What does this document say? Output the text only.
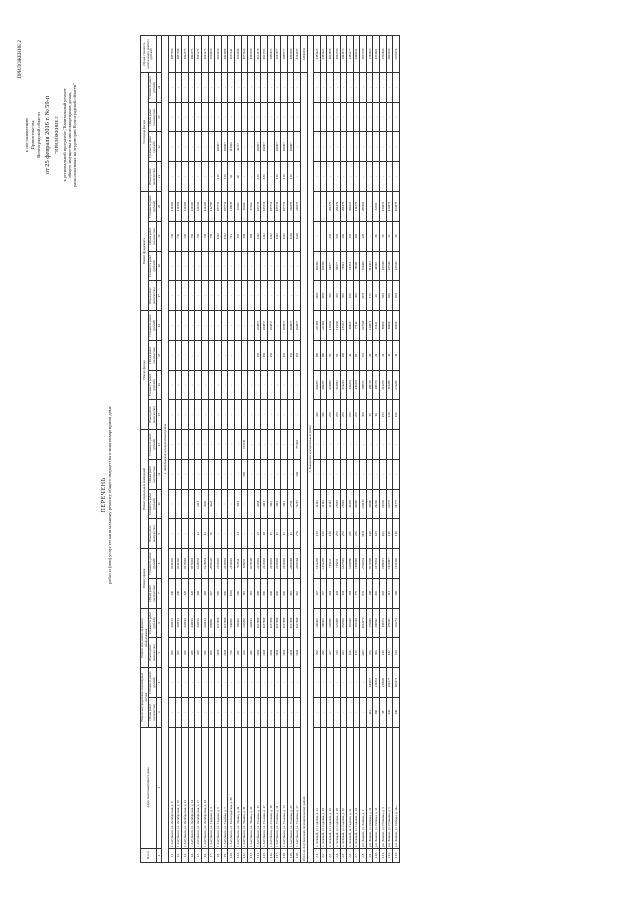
ПРИЛОЖЕНИЕ 2
к постановлению Правительства Волгоградской области от 25 февраля 2016 г. № 59-п "ПРИЛОЖЕНИЕ 2 к региональной программе "Капитальный ремонт общего имущества в многоквартирных домах, расположенных на территории Волгоградской области"
ПЕРЕЧЕНЬ работ и (или) услуг по капитальному ремонту общего имущества в многоквартирном доме
№ п/п	Адрес многоквартирного дома	Ремонт внутридомовых инженерных систем		Ремонт или замена лифтового оборудования		Ремонт крыши		Ремонт подвальных помещений				Ремонт фасада				Ремонт фундамента				Утепление фасада				Общая стоимость капитального ремонта (рублей)
		Объем работ (количество)	Стоимость работ (рублей)	Объем работ (количество)	Стоимость работ (рублей)	Объем работ (количество)	Стоимость работ (рублей)	Объем работ (количество)	Стоимость работ (рублей)	Объем работ (количество)	Стоимость работ (рублей)	Объем работ (количество)	Стоимость работ (рублей)	Объем работ (количество)	Стоимость работ (рублей)	Объем работ (количество)	Стоимость работ (рублей)	Объем работ (количество)	Стоимость работ (рублей)	Объем работ (количество)	Стоимость работ (рублей)	Объем работ (количество)	Стоимость работ (рублей)	
1	2	3	4	5	6	7	8	9	10	11	12	13	14	15	16	17	18	19	20	21	22	23	24	
1. Ахтубинский муниципальный район																								
1.1.	г. Ахтубинск, ул. Октябрьская, д. 8	-	-	430	443194	240	1046342	-	-	-	-	-	-	-	-	-	-	730	121660	-	-	-	-	1687369
1.2.	г. Ахтубинск, ул. Октябрьская, д. 10	-	-	430	443194	240	1046342	-	-	-	-	-	-	-	-	-	-	730	121660	-	-	-	-	1687369
1.3.	г. Ахтубинск, ул. Октябрьская, д. 12	-	-	430	443194	428	1076094	-	-	-	-	-	-	-	-	-	-	730	121660	-	-	-	-	1822375
1.4.	г. Ахтубинск, ул. Октябрьская, д. 14	-	-	430	443194	428	1076094	-	-	-	-	-	-	-	-	-	-	730	121660	-	-	-	-	1822375
1.5.	г. Ахтубинск, ул. Октябрьская, д. 17	-	-	430	443194	468	1228054	15	2113	-	-	-	-	-	-	-	-	730	121660	-	-	-	-	1915275
1.6.	г. Ахтубинск, ул. Октябрьская, д. 18	-	-	430	443194	468	1228054	12	2669	-	-	-	-	-	-	-	-	730	121660	-	-	-	-	1915275
1.7.	г. Ахтубинск, ул. Садовая, д. 3	-	-	820	869991	667	2095020	30	4223	-	-	-	-	-	-	-	-	730	112780	-	-	-	-	3228416
1.8.	г. Ахтубинск, ул. Садовая, д. 5	-	-	1100	1137489	800	2215963	-	-	-	-	-	-	-	-	-	-	1112	185731	130	166807	-	-	3626016
1.9.	г. Ахтубинск, ул. Садовая, д. 7	-	-	1100	1137489	800	2215963	-	-	-	-	-	-	-	-	-	-	1112	185731	130	166807	-	-	4063088
1.10.	г. Ахтубинск, ул. Волгоградская, д. 86	-	-	720	846600	1030	2156093	-	-	-	-	-	-	-	-	-	-	712	118938	64	113006	-	-	3655611
1.11.	г. Ахтубинск, ул. Ленина, д. 41	-	-	280	306000	296	707954	33	3519	-	-	-	-	-	-	-	-	250	31643	40	46727	-	-	1226048
1.12.	г. Ахтубинск, ул. Ленина, д. 43	-	-	220	247200	310	826055	-	-	680	533330	-	-	-	-	-	-	398	66444	-	-	-	-	1673324
1.13.	г. Ахтубинск, ул. Ленина, д. 45	-	-	430	443194	310	1070048	-	-	-	-	-	-	-	-	-	-	398	37264	-	-	-	-	1582209
1.14.	г. Ахтубинск, ул. Сталина, д. 15	-	-	1100	1137489	800	2215963	22	4308	-	-	-	-	150	204857	-	-	1112	185731	130	166807	-	-	4123179
1.15.	г. Ахтубинск, ул. Сталина, д. 17	-	-	1100	1137489	800	2215963	19	4111	-	-	-	-	150	204857	-	-	1112	185731	130	166807	-	-	4163765
1.16.	г. Ахтубинск, ул. Сталина, д. 19	-	-	1100	1137489	800	2215963	15	3112	-	-	-	-	150	204857	-	-	1112	185731	-	-	-	-	3986455
1.17.	г. Ахтубинск, ул. Сталина, д. 21	-	-	1100	1137489	800	2215963	15	3112	-	-	-	-	-	-	-	-	1112	185731	130	166807	-	-	3617077
1.18.	г. Ахтубинск, ул. Сталина, д. 23	-	-	1100	1137489	800	2215963	15	3112	-	-	-	-	150	204857	-	-	1112	185731	130	166807	-	-	3989777
1.19.	г. Ахтубинск, ул. Сталина, д. 25	-	-	1100	1137489	810	2495084	15	2734	-	-	-	-	150	204857	-	-	1220	210370	130	166807	-	-	4292000
1.20.	г. Ахтубинск, ул. Сталина, д. 27	-	-	1100	1137489	810	2495084	278	74287	500	793110	-	-	150	204857	-	-	1220	210370	-	-	-	-	4742035
Итого по Ахтубинскому муниципальному району																								64944152
2. Быковский муниципальный район																								
2.1.	х. Зеленый, ул. Садовая, д. 12	-	-	290	290465	367	1152238	130	21111	-	-	340	468295	180	221185	1000	193296	-	-	-	-	-	-	2385425
2.2.	х. Зеленый, ул. Садовая, д. 14	-	-	290	290465	367	1152238	130	21111	-	-	340	468295	180	221185	1000	193296	-	-	-	-	-	-	2385425
2.3.	х. Зеленый, ул. Садовая, д. 16	-	-	227	226940	494	715653	130	21111	-	-	250	461990	90	115660	350	84477	250	261479	-	-	-	-	1821858
2.4.	х. Зеленый, ул. Садовая, д. 18	-	-	330	225498	494	715653	250	25983	-	-	250	461990	90	115660	350	84477	250	261479	-	-	-	-	1942336
2.5.	х. Зеленый, ул. Садовая, д. 20	-	-	263	263364	454	1227919	250	25983	-	-	250	451244	120	135217	350	78413	260	261479	-	-	-	-	2443473
2.6.	х. Зеленый, ul. Садовая, д. 22	-	-	160	155010	394	1290880	250	41493	-	-	250	430204	40	99860	100	64451	250	306525	-	-	-	-	2386277
2.7.	х. Зеленый, ул. Садовая, д. 24	-	-	152	152314	370	1199848	250	42980	-	-	250	430204	60	77010	300	79648	100	111379	-	-	-	-	2440632
2.8.	р.п. Быково, ул. Ленина, д. 5	-	-	1097	1162072	878	2702054	1451	233136	-	-	300	308671	255	327018	2671	361466	220	289160	-	-	-	-	3651729
2.9.	р.п. Быково, ул. Победы, д. 11	112	445617	376	376098	348	1072008	149	30980	-	-	95	198730	40	214871	175	211463	-	-	-	-	-	-	2786963
2.10.	р.п. Быково, ул. Победы, д. 13	380	231813	306	306592	402	1479834	165	29260	-	-	96	198379	29	35421	20	44910	38	32451	-	-	-	-	4354661
2.11.	р.п. Быково, ул. Пушкина, д. 3	48	236960	149	158474	403	1190015	165	26150	-	-	155	212250	34	80909	934	147616	50	124476	-	-	-	-	2706464
2.12.	р.п. Быково, ул. Пушкина, д. 5	430	201277	142	179415	313	1133847	118	22375	-	-	158	313289	34	80909	934	147616	56	126975	-	-	-	-	2966164
2.13.	р.п. Быково, ул. Победы, д. 11а	348	465271	524	322274	288	1145369	118	21375	-	-	166	231280	34	80909	934	147616	36	104978	-	-	-	-	2970250
